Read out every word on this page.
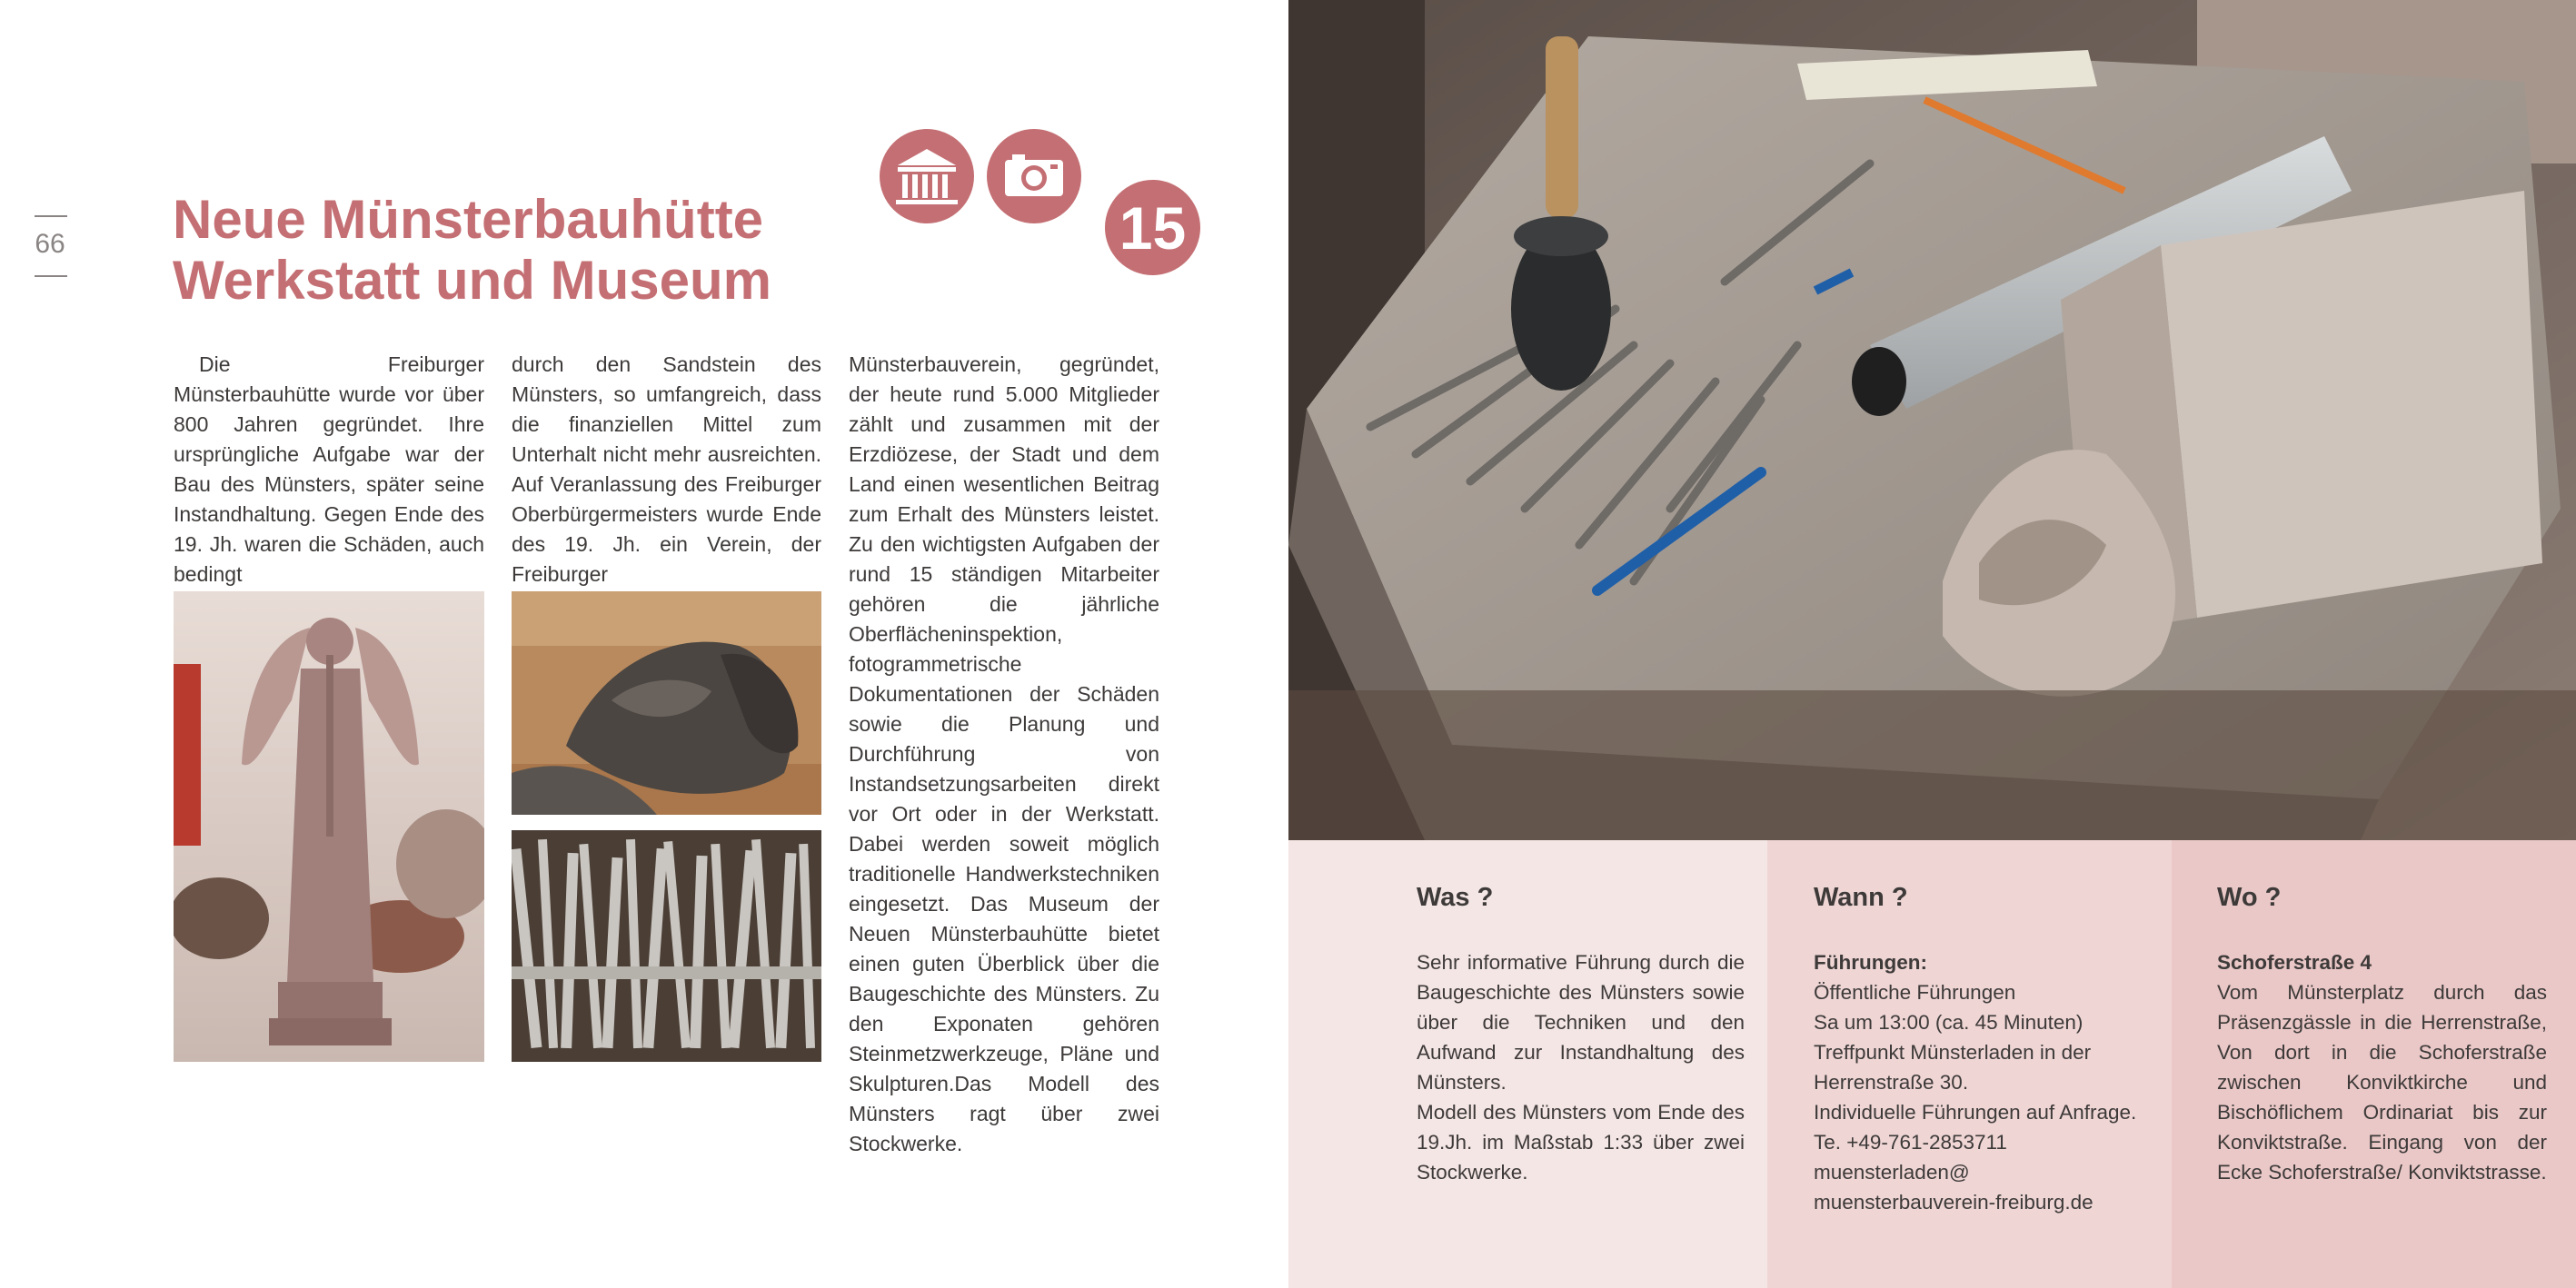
66	Neue Münsterbauhütte
Werkstatt und Museum
15

Die Freiburger Münsterbauhütte wurde vor über 800 Jahren gegründet. Ihre ursprüngliche Aufgabe war der Bau des Münsters, später seine Instandhaltung. Gegen Ende des 19. Jh. waren die Schäden, auch bedingt

durch den Sandstein des Münsters, so umfangreich, dass die finanziellen Mittel zum Unterhalt nicht mehr ausreichten. Auf Veranlassung des Freiburger Oberbürgermeisters wurde Ende des 19. Jh. ein Verein, der Freiburger

Münsterbauverein, gegründet, der heute rund 5.000 Mitglieder zählt und zusammen mit der Erzdiözese, der Stadt und dem Land einen wesentlichen Beitrag zum Erhalt des Münsters leistet. Zu den wichtigsten Aufgaben der rund 15 ständigen Mitarbeiter gehören die jährliche Oberflächeninspektion, fotogrammetrische Dokumentationen der Schäden sowie die Planung und Durchführung von Instandsetzungsarbeiten direkt vor Ort oder in der Werkstatt. Dabei werden soweit möglich traditionelle Handwerkstechniken eingesetzt. Das Museum der Neuen Münsterbauhütte bietet einen guten Überblick über die Baugeschichte des Münsters. Zu den Exponaten gehören Steinmetzwerkzeuge, Pläne und Skulpturen.Das Modell des Münsters ragt über zwei Stockwerke.

Was ?
Sehr informative Führung durch die Baugeschichte des Münsters sowie über die Techniken und den Aufwand zur Instandhaltung des Münsters.
Modell des Münsters vom Ende des 19.Jh. im Maßstab 1:33 über zwei Stockwerke.
Wann ?
Führungen:
Öffentliche Führungen
Sa um 13:00 (ca. 45 Minuten)
Treffpunkt Münsterladen in der Herrenstraße 30.
Individuelle Führungen auf Anfrage.
Te. +49-761-2853711
muensterladen@
muensterbauverein-freiburg.de
Wo ?
Schoferstraße 4
Vom Münsterplatz durch das Präsenzgässle in die Herrenstraße, Von dort in die Schoferstraße zwischen Konviktkirche und Bischöflichem Ordinariat bis zur Konviktstraße. Eingang von der Ecke Schoferstraße/ Konviktstrasse.
